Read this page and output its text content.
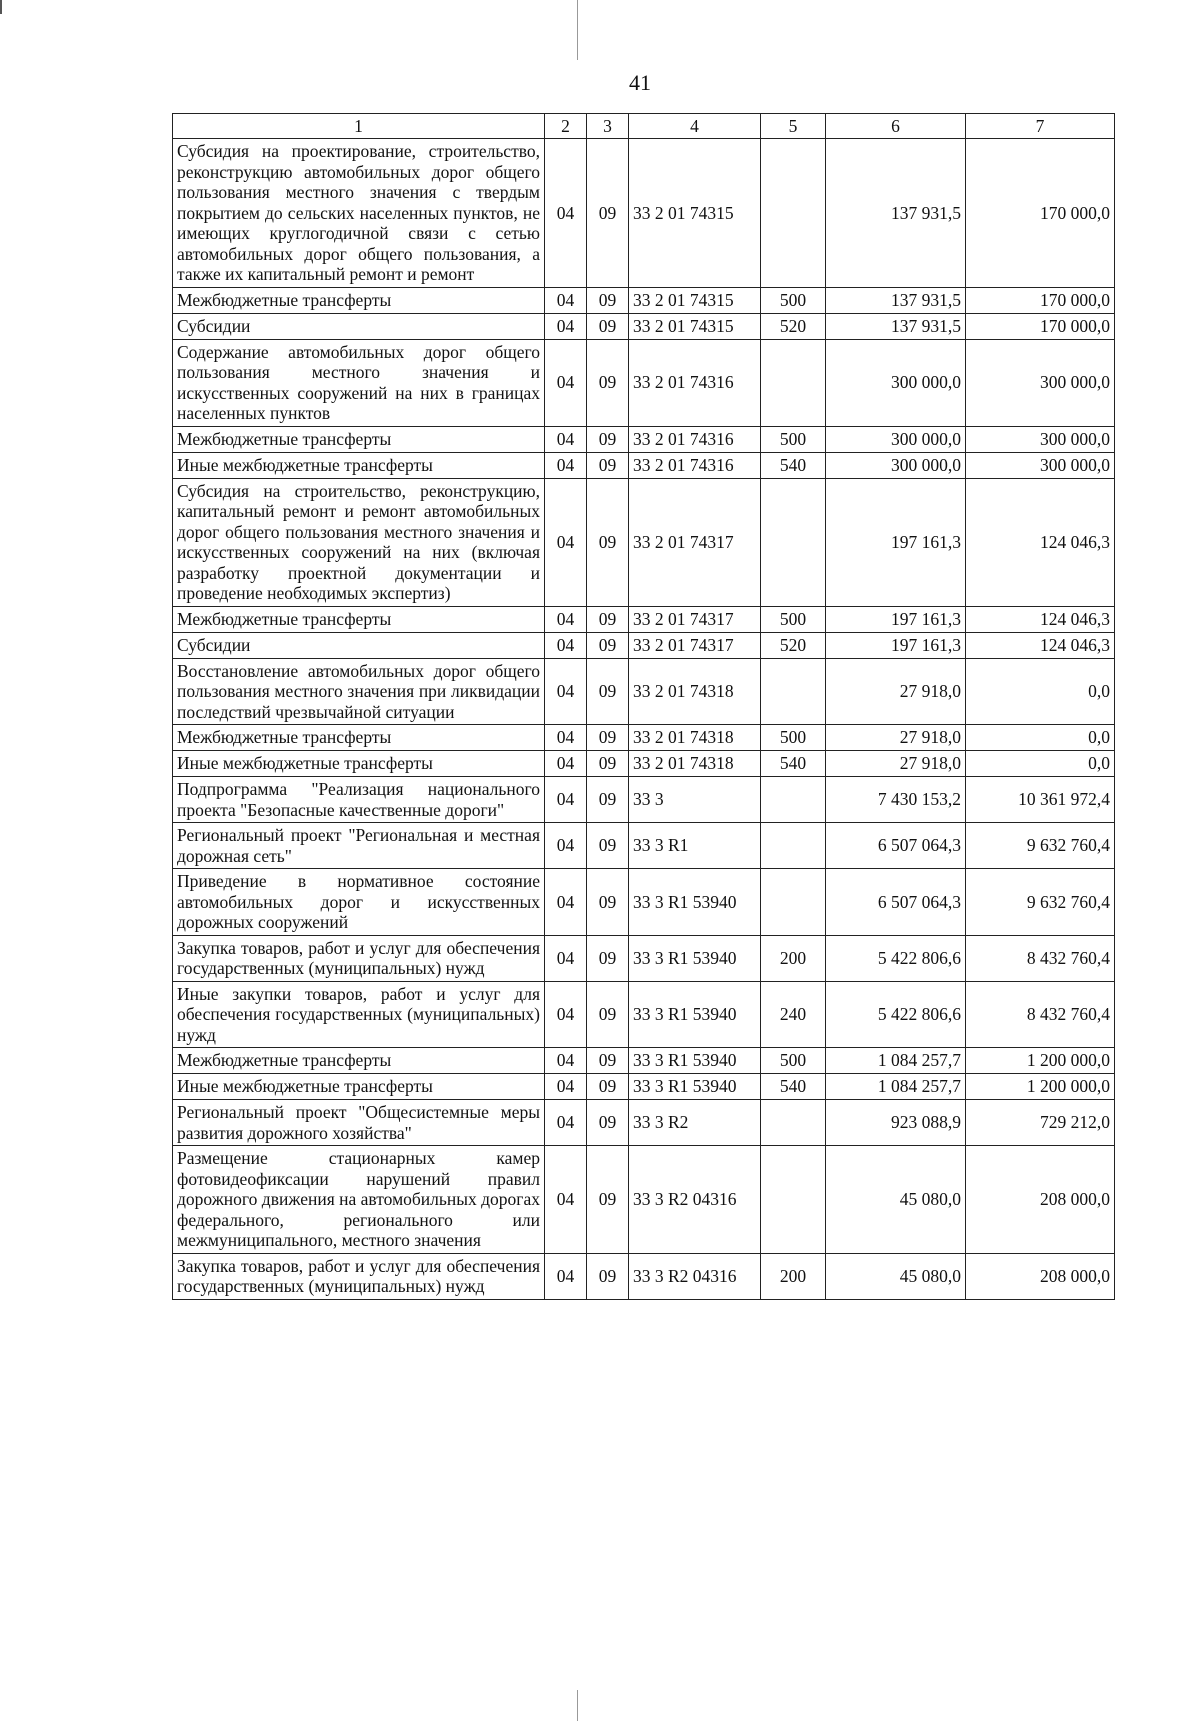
41
1	2	3	4	5	6	7
Субсидия на проектирование, строительство, реконструкцию автомобильных дорог общего пользования местного значения с твердым покрытием до сельских населенных пунктов, не имеющих круглогодичной связи с сетью автомобильных дорог общего пользования, а также их капитальный ремонт и ремонт	04	09	33 2 01 74315		137 931,5	170 000,0
Межбюджетные трансферты	04	09	33 2 01 74315	500	137 931,5	170 000,0
Субсидии	04	09	33 2 01 74315	520	137 931,5	170 000,0
Содержание автомобильных дорог общего пользования местного значения и искусственных сооружений на них в границах населенных пунктов	04	09	33 2 01 74316		300 000,0	300 000,0
Межбюджетные трансферты	04	09	33 2 01 74316	500	300 000,0	300 000,0
Иные межбюджетные трансферты	04	09	33 2 01 74316	540	300 000,0	300 000,0
Субсидия на строительство, реконструкцию, капитальный ремонт и ремонт автомобильных дорог общего пользования местного значения и искусственных сооружений на них (включая разработку проектной документации и проведение необходимых экспертиз)	04	09	33 2 01 74317		197 161,3	124 046,3
Межбюджетные трансферты	04	09	33 2 01 74317	500	197 161,3	124 046,3
Субсидии	04	09	33 2 01 74317	520	197 161,3	124 046,3
Восстановление автомобильных дорог общего пользования местного значения при ликвидации последствий чрезвычайной ситуации	04	09	33 2 01 74318		27 918,0	0,0
Межбюджетные трансферты	04	09	33 2 01 74318	500	27 918,0	0,0
Иные межбюджетные трансферты	04	09	33 2 01 74318	540	27 918,0	0,0
Подпрограмма "Реализация национального проекта "Безопасные качественные дороги"	04	09	33 3		7 430 153,2	10 361 972,4
Региональный проект "Региональная и местная дорожная сеть"	04	09	33 3 R1		6 507 064,3	9 632 760,4
Приведение в нормативное состояние автомобильных дорог и искусственных дорожных сооружений	04	09	33 3 R1 53940		6 507 064,3	9 632 760,4
Закупка товаров, работ и услуг для обеспечения государственных (муниципальных) нужд	04	09	33 3 R1 53940	200	5 422 806,6	8 432 760,4
Иные закупки товаров, работ и услуг для обеспечения государственных (муниципальных) нужд	04	09	33 3 R1 53940	240	5 422 806,6	8 432 760,4
Межбюджетные трансферты	04	09	33 3 R1 53940	500	1 084 257,7	1 200 000,0
Иные межбюджетные трансферты	04	09	33 3 R1 53940	540	1 084 257,7	1 200 000,0
Региональный проект "Общесистемные меры развития дорожного хозяйства"	04	09	33 3 R2		923 088,9	729 212,0
Размещение стационарных камер фотовидеофиксации нарушений правил дорожного движения на автомобильных дорогах федерального, регионального или межмуниципального, местного значения	04	09	33 3 R2 04316		45 080,0	208 000,0
Закупка товаров, работ и услуг для обеспечения государственных (муниципальных) нужд	04	09	33 3 R2 04316	200	45 080,0	208 000,0
